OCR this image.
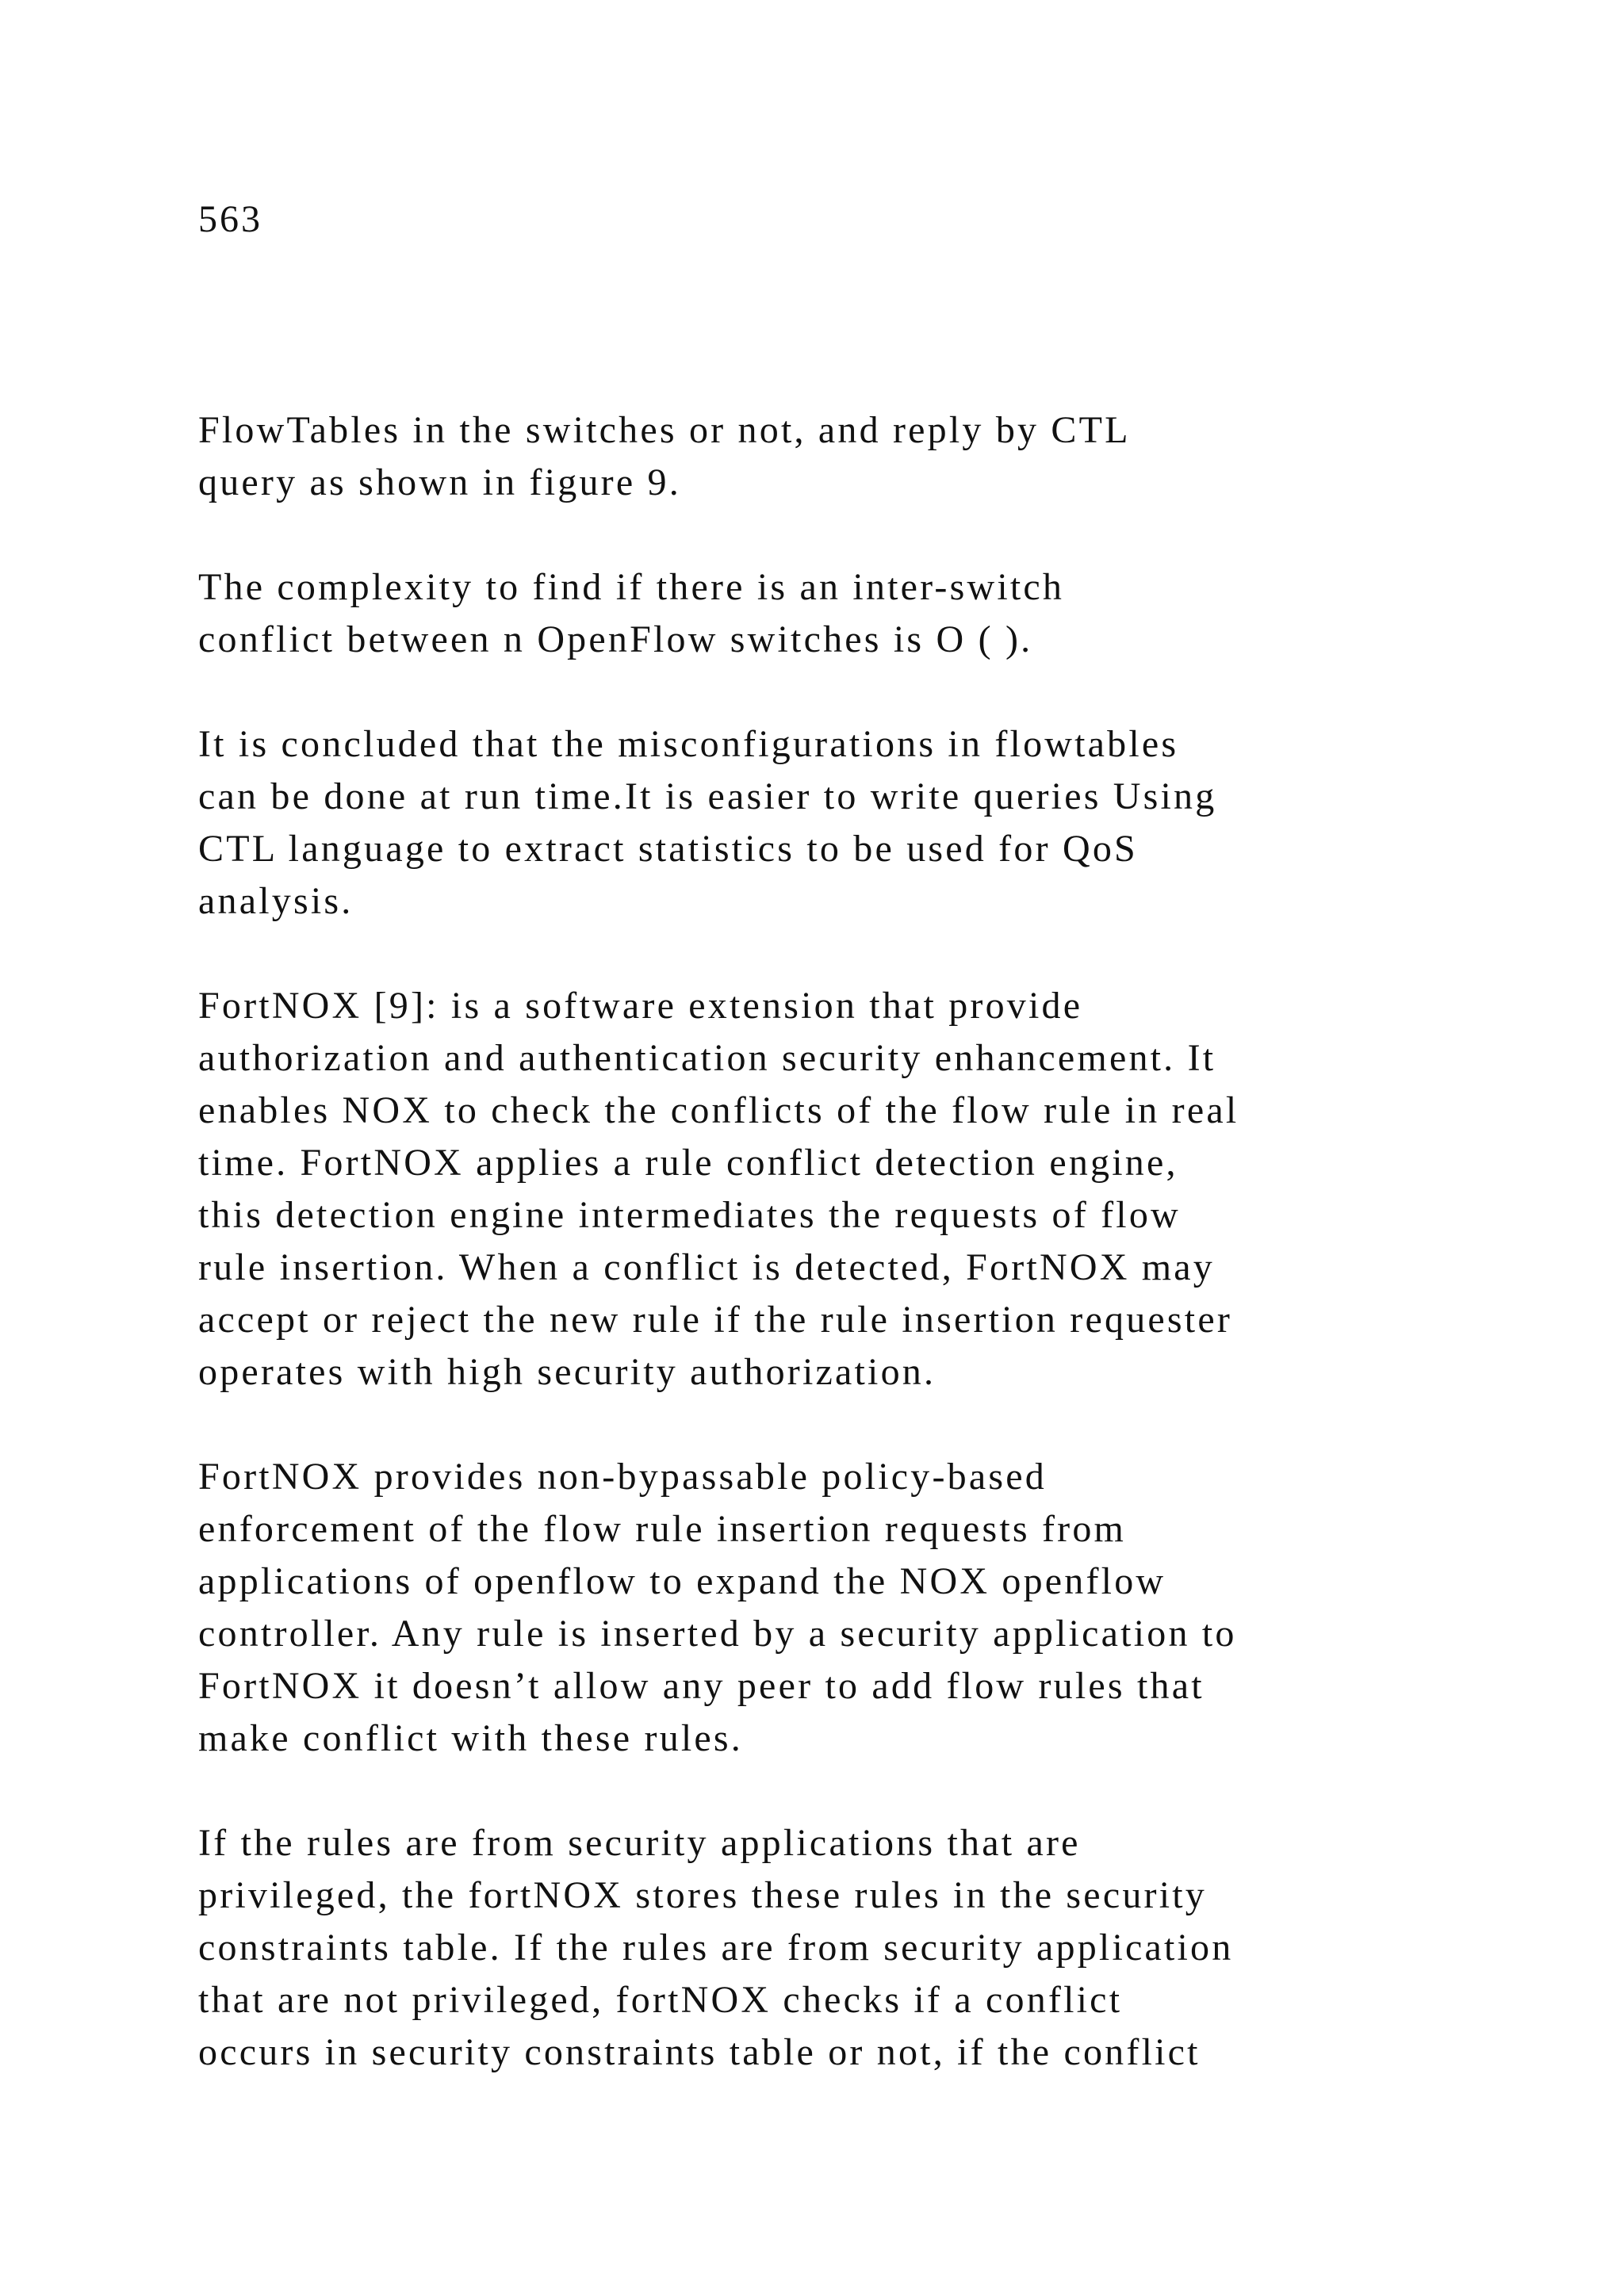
563
FlowTables in the switches or not, and reply by CTL
query as shown in figure 9.
The complexity to find if there is an inter-switch
conflict between n OpenFlow switches is O ( ).
It is concluded that the misconfigurations in flowtables
can be done at run time.It is easier to write queries Using
CTL language to extract statistics to be used for QoS
analysis.
FortNOX [9]: is a software extension that provide
authorization and authentication security enhancement. It
enables NOX to check the conflicts of the flow rule in real
time. FortNOX applies a rule conflict detection engine,
this detection engine intermediates the requests of flow
rule insertion. When a conflict is detected, FortNOX may
accept or reject the new rule if the rule insertion requester
operates with high security authorization.
FortNOX provides non-bypassable policy-based
enforcement of the flow rule insertion requests from
applications of openflow to expand the NOX openflow
controller. Any rule is inserted by a security application to
FortNOX it doesn’t allow any peer to add flow rules that
make conflict with these rules.
If the rules are from security applications that are
privileged, the fortNOX stores these rules in the security
constraints table. If the rules are from security application
that are not privileged, fortNOX checks if a conflict
occurs in security constraints table or not, if the conflict
